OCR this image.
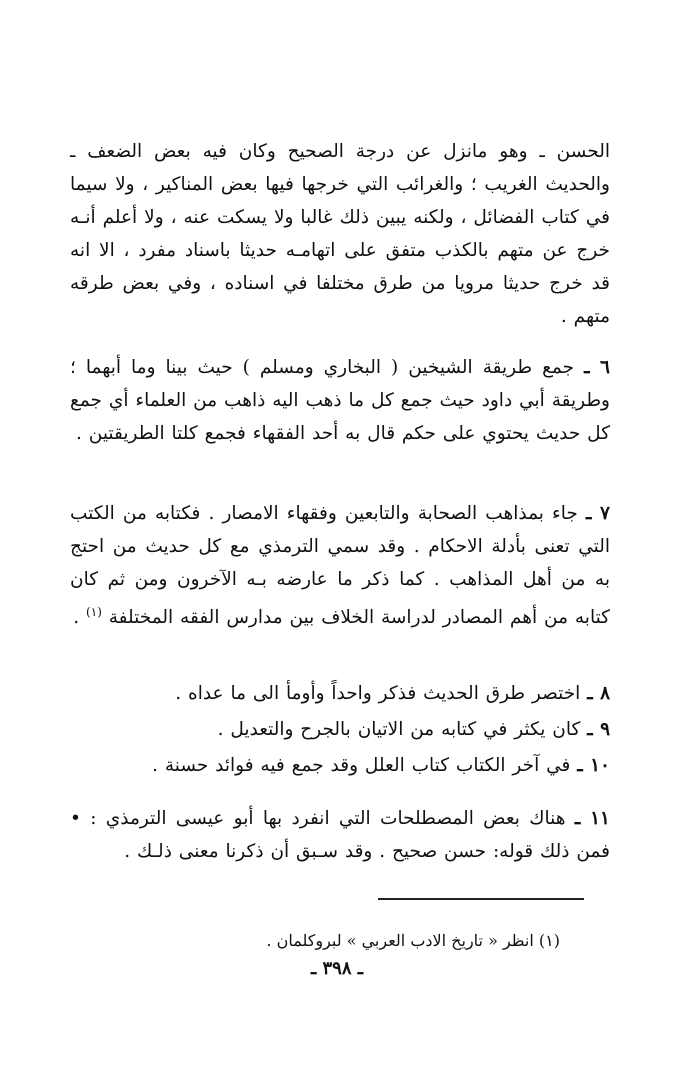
الحسن ـ وهو مانزل عن درجة الصحيح وكان فيه بعض الضعف ـ والحديث الغريب ؛ والغرائب التي خرجها فيها بعض المناكير ، ولا سيما في كتاب الفضائل ، ولكنه يبين ذلك غالبا ولا يسكت عنه ، ولا أعلم أنـه خرج عن متهم بالكذب متفق على اتهامـه حديثا باسناد مفرد ، الا انه قد خرج حديثا مرويا من طرق مختلفا في اسناده ، وفي بعض طرقه متهم .

٦ ـ جمع طريقة الشيخين ( البخاري ومسلم ) حيث بينا وما أبهما ؛ وطريقة أبي داود حيث جمع كل ما ذهب اليه ذاهب من العلماء أي جمع كل حديث يحتوي على حكم قال به أحد الفقهاء فجمع كلتا الطريقتين .

٧ ـ جاء بمذاهب الصحابة والتابعين وفقهاء الامصار . فكتابه من الكتب التي تعنى بأدلة الاحكام . وقد سمي الترمذي مع كل حديث من احتج به من أهل المذاهب . كما ذكر ما عارضه بـه الآخرون ومن ثم كان كتابه من أهم المصادر لدراسة الخلاف بين مدارس الفقه المختلفة $^{(١)}$ .

٨ ـ اختصر طرق الحديث فذكر واحداً وأومأ الى ما عداه .

٩ ـ كان يكثر في كتابه من الاتيان بالجرح والتعديل .

١٠ ـ في آخر الكتاب كتاب العلل وقد جمع فيه فوائد حسنة .

١١ ـ هناك بعض المصطلحات التي انفرد بها أبو عيسى الترمذي : • فمن ذلك قوله: حسن صحيح . وقد سـبق أن ذكرنا معنى ذلـك .

(١) انظر « تاريخ الادب العربي » لبروكلمان .

ـ ٣٩٨ ـ
